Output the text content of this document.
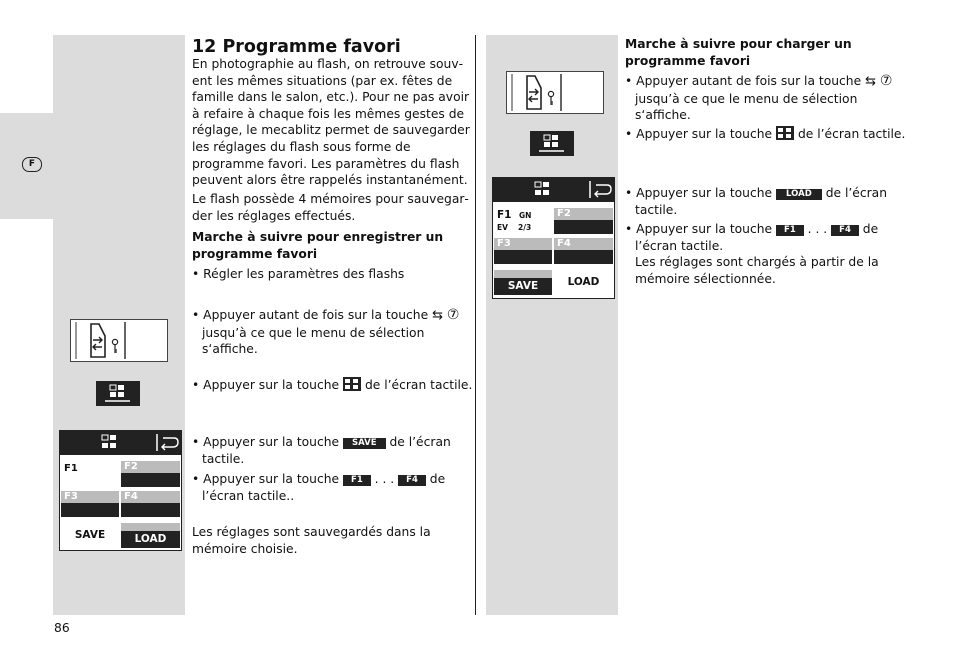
86
F
12 Programme favori
En photographie au flash, on retrouve souvent les mêmes situations (par ex. fêtes de famille dans le salon, etc.). Pour ne pas avoir à refaire à chaque fois les mêmes gestes de réglage, le mecablitz permet de sauvegarder les réglages du flash sous forme de programme favori. Les paramètres du flash peuvent alors être rappelés instantanément.
Le flash possède 4 mémoires pour sauvegarder les réglages effectués.
Marche à suivre pour enregistrer un programme favori
• Régler les paramètres des flashs
• Appuyer autant de fois sur la touche ⇆ ⑦ jusqu’à ce que le menu de sélection s‘affiche.
• Appuyer sur la touche de l’écran tactile.
• Appuyer sur la touche SAVE de l’écran tactile.
• Appuyer sur la touche F1 . . . F4 de l’écran tactile..
Les réglages sont sauvegardés dans la mémoire choisie.
F1	F2
F3	F4
SAVE	LOAD
F1 GN
EV 2/3
F2
F3	F4
SAVE	LOAD
Marche à suivre pour charger un programme favori
• Appuyer autant de fois sur la touche ⇆ ⑦ jusqu’à ce que le menu de sélection s‘affiche.
• Appuyer sur la touche de l’écran tactile.
• Appuyer sur la touche LOAD de l’écran tactile.
• Appuyer sur la touche F1 . . . F4 de l’écran tactile.
Les réglages sont chargés à partir de la mémoire sélectionnée.
